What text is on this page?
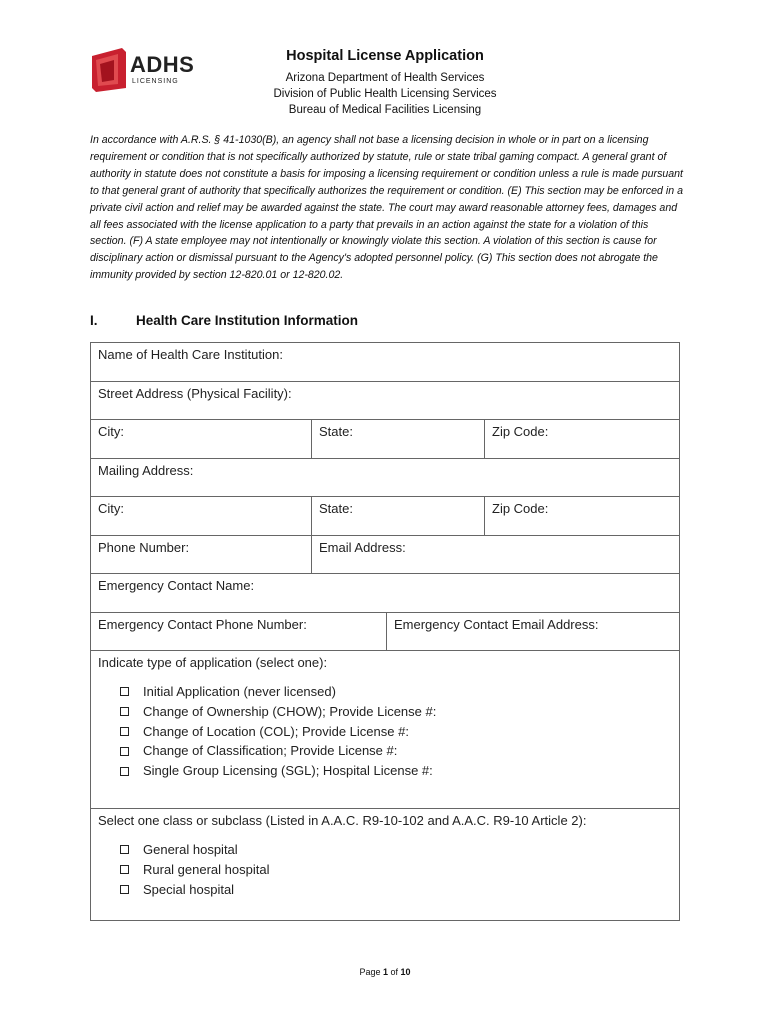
ADHS
LICENSING
Hospital License Application
Arizona Department of Health Services
Division of Public Health Licensing Services
Bureau of Medical Facilities Licensing
In accordance with A.R.S. § 41-1030(B), an agency shall not base a licensing decision in whole or in part on a licensing requirement or condition that is not specifically authorized by statute, rule or state tribal gaming compact. A general grant of authority in statute does not constitute a basis for imposing a licensing requirement or condition unless a rule is made pursuant to that general grant of authority that specifically authorizes the requirement or condition. (E) This section may be enforced in a private civil action and relief may be awarded against the state. The court may award reasonable attorney fees, damages and all fees associated with the license application to a party that prevails in an action against the state for a violation of this section. (F) A state employee may not intentionally or knowingly violate this section. A violation of this section is cause for disciplinary action or dismissal pursuant to the Agency's adopted personnel policy. (G) This section does not abrogate the immunity provided by section 12-820.01 or 12-820.02.
I.	Health Care Institution Information
Name of Health Care Institution:
Street Address (Physical Facility):
City:	State:	Zip Code:
Mailing Address:
City:	State:	Zip Code:
Phone Number:	Email Address:
Emergency Contact Name:
Emergency Contact Phone Number:	Emergency Contact Email Address:
Indicate type of application (select one):
Initial Application (never licensed)
Change of Ownership (CHOW); Provide License #:
Change of Location (COL); Provide License #:
Change of Classification; Provide License #:
Single Group Licensing (SGL); Hospital License #:
Select one class or subclass (Listed in A.A.C. R9-10-102 and A.A.C. R9-10 Article 2):
General hospital
Rural general hospital
Special hospital
Page 1 of 10
